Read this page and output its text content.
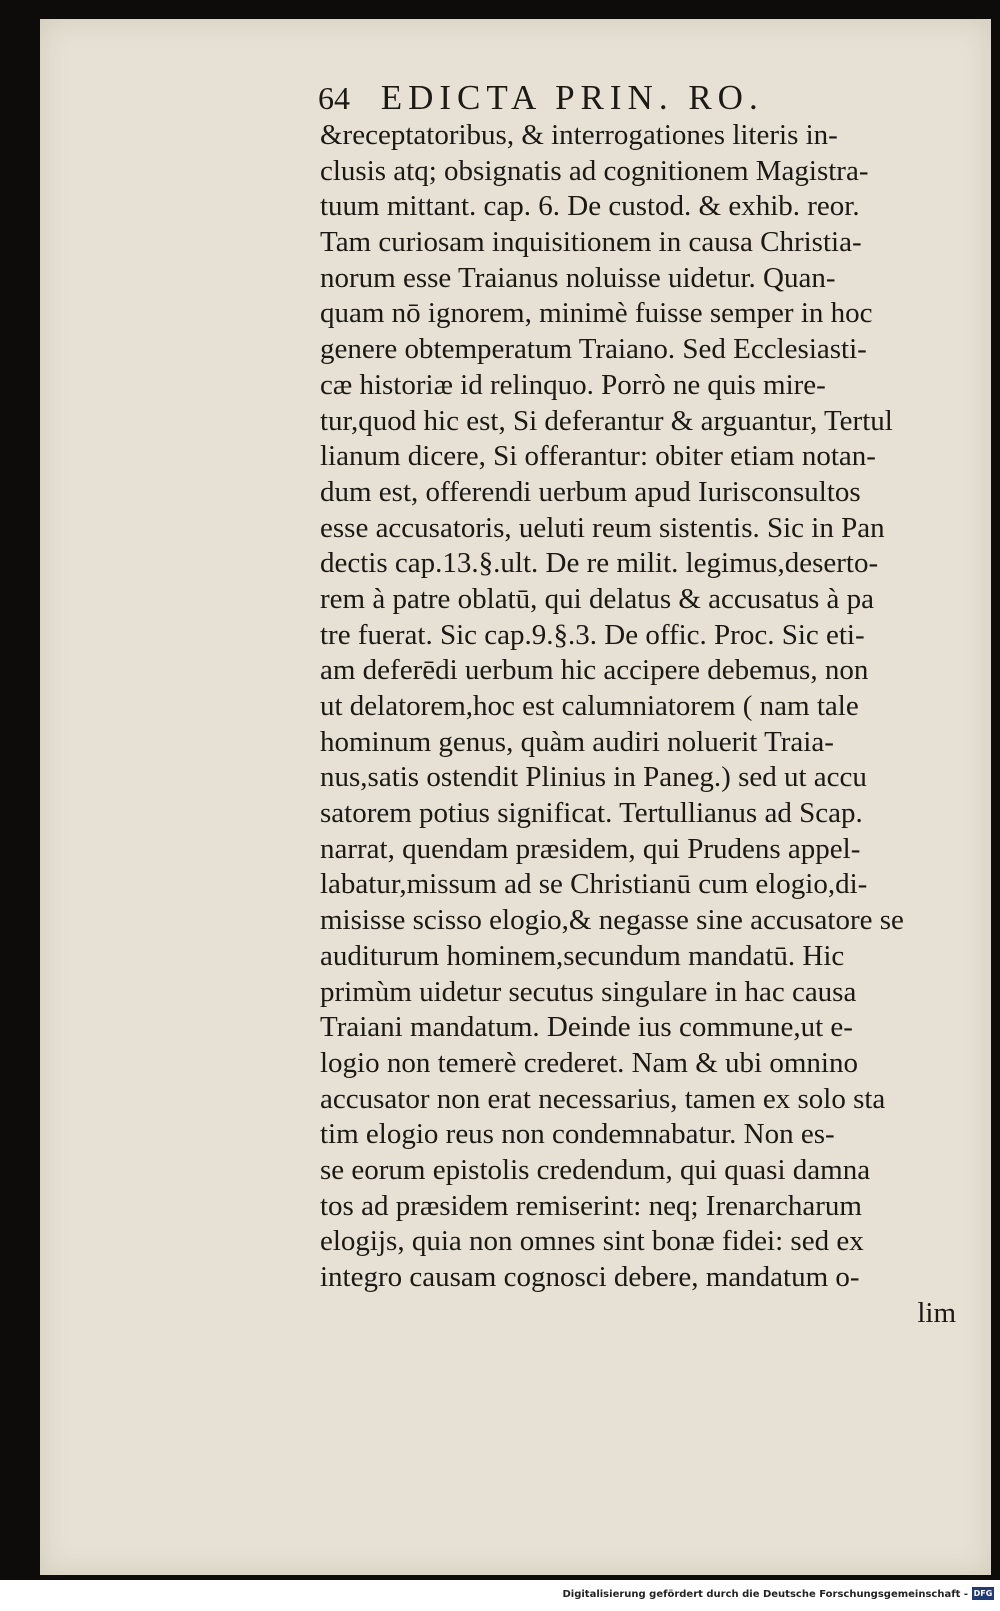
64 EDICTA PRIN. RO.
&receptatoribus, & interrogationes literis in-
clusis atq; obsignatis ad cognitionem Magistra-
tuum mittant. cap. 6. De custod. & exhib. reor.
Tam curiosam inquisitionem in causa Christia-
norum esse Traianus noluisse uidetur. Quan-
quam nō ignorem, minimè fuisse semper in hoc
genere obtemperatum Traiano. Sed Ecclesiasti-
cæ historiæ id relinquo. Porrò ne quis mire-
tur,quod hic est, Si deferantur & arguantur, Tertul
lianum dicere, Si offerantur: obiter etiam notan-
dum est, offerendi uerbum apud Iurisconsultos
esse accusatoris, ueluti reum sistentis. Sic in Pan
dectis cap.13.§.ult. De re milit. legimus,deserto-
rem à patre oblatū, qui delatus & accusatus à pa
tre fuerat. Sic cap.9.§.3. De offic. Proc. Sic eti-
am deferēdi uerbum hic accipere debemus, non
ut delatorem,hoc est calumniatorem ( nam tale
hominum genus, quàm audiri noluerit Traia-
nus,satis ostendit Plinius in Paneg.) sed ut accu
satorem potius significat. Tertullianus ad Scap.
narrat, quendam præsidem, qui Prudens appel-
labatur,missum ad se Christianū cum elogio,di-
misisse scisso elogio,& negasse sine accusatore se
auditurum hominem,secundum mandatū. Hic
primùm uidetur secutus singulare in hac causa
Traiani mandatum. Deinde ius commune,ut e-
logio non temerè crederet. Nam & ubi omnino
accusator non erat necessarius, tamen ex solo sta
tim elogio reus non condemnabatur. Non es-
se eorum epistolis credendum, qui quasi damna
tos ad præsidem remiserint: neq; Irenarcharum
elogijs, quia non omnes sint bonæ fidei: sed ex
integro causam cognosci debere, mandatum o-
lim
Digitalisierung gefördert durch die Deutsche Forschungsgemeinschaft - DFG
